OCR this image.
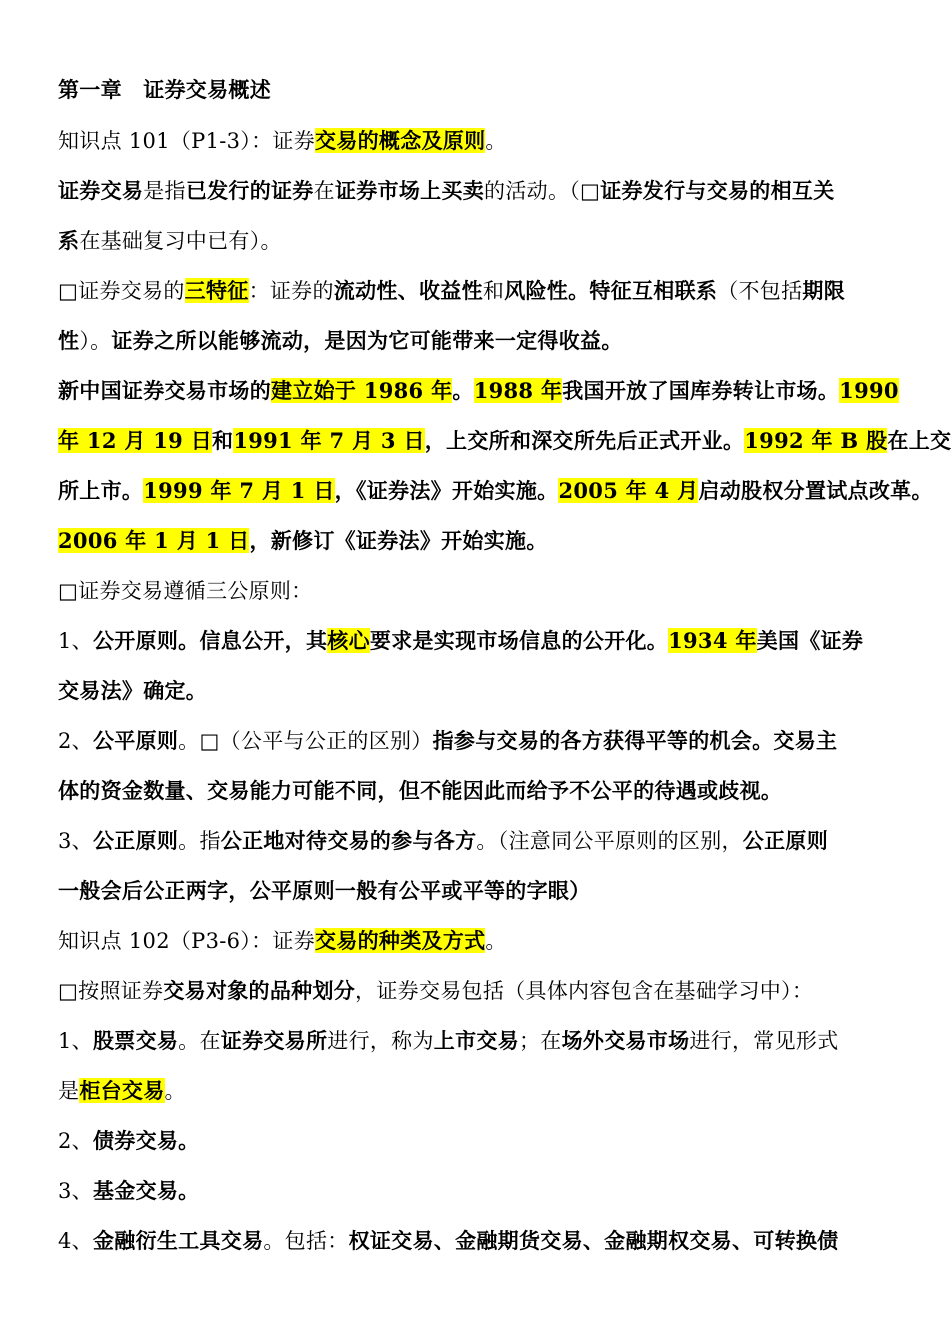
第一章　证券交易概述
知识点 101（P1-3）：证券交易的概念及原则。
证券交易是指已发行的证券在证券市场上买卖的活动。（□证券发行与交易的相互关
系在基础复习中已有）。
□证券交易的三特征：证券的流动性、收益性和风险性。特征互相联系（不包括期限
性）。证券之所以能够流动，是因为它可能带来一定得收益。
新中国证券交易市场的建立始于 1986 年。1988 年我国开放了国库券转让市场。1990
年 12 月 19 日和1991 年 7 月 3 日，上交所和深交所先后正式开业。1992 年 B 股在上交
所上市。1999 年 7 月 1 日，《证券法》开始实施。2005 年 4 月启动股权分置试点改革。
2006 年 1 月 1 日，新修订《证券法》开始实施。
□证券交易遵循三公原则：
1、公开原则。信息公开，其核心要求是实现市场信息的公开化。1934 年美国《证券
交易法》确定。
2、公平原则。□（公平与公正的区别）指参与交易的各方获得平等的机会。交易主
体的资金数量、交易能力可能不同，但不能因此而给予不公平的待遇或歧视。
3、公正原则。指公正地对待交易的参与各方。（注意同公平原则的区别，公正原则
一般会后公正两字，公平原则一般有公平或平等的字眼）
知识点 102（P3-6）：证券交易的种类及方式。
□按照证券交易对象的品种划分，证券交易包括（具体内容包含在基础学习中）：
1、股票交易。在证券交易所进行，称为上市交易；在场外交易市场进行，常见形式
是柜台交易。
2、债券交易。
3、基金交易。
4、金融衍生工具交易。包括：权证交易、金融期货交易、金融期权交易、可转换债
